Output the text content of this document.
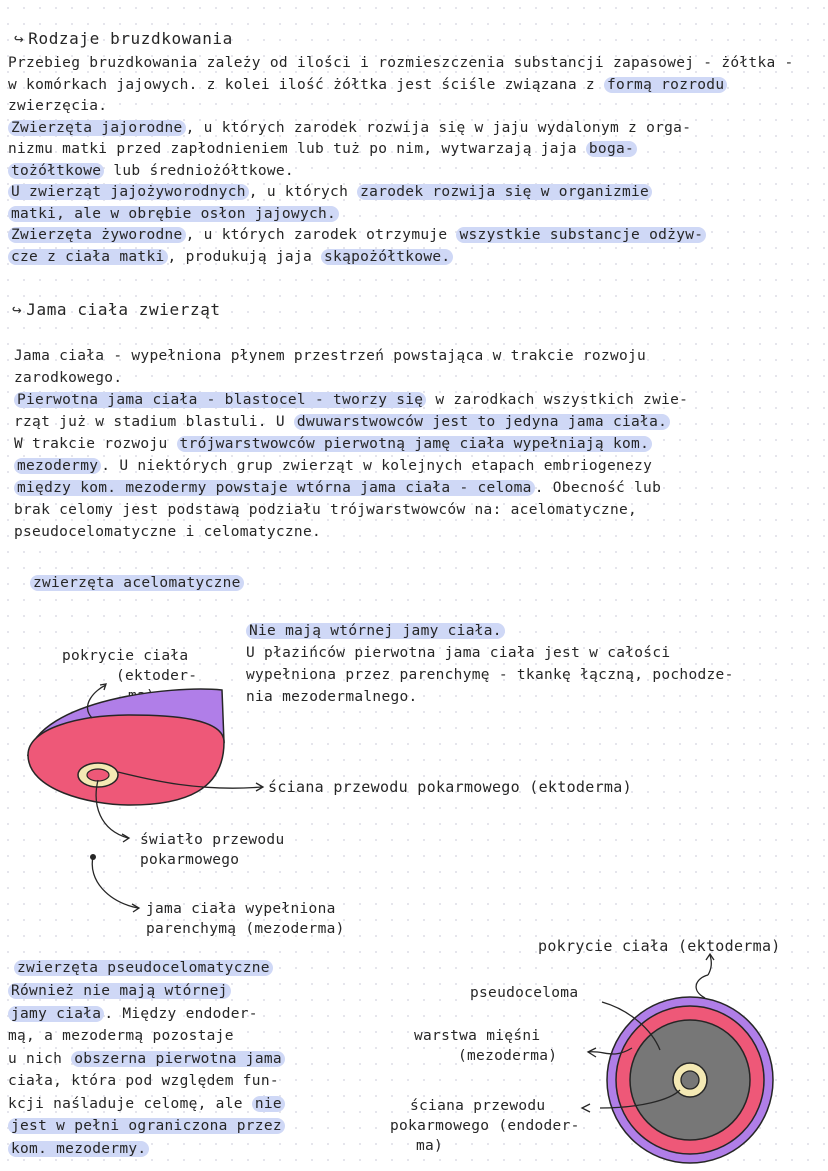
↪ Rodzaje bruzdkowania
Przebieg bruzdkowania zależy od ilości i rozmieszczenia substancji zapasowej - żółtka -
w komórkach jajowych. z kolei ilość żółtka jest ściśle związana z formą rozrodu
zwierzęcia.
Zwierzęta jajorodne , u których zarodek rozwija się w jaju wydalonym z orga-
nizmu matki przed zapłodnieniem lub tuż po nim, wytwarzają jaja boga-
tożółtkowe lub średniożółtkowe.
U zwierząt jajożyworodnych , u których zarodek rozwija się w organizmie
matki, ale w obrębie osłon jajowych.
Zwierzęta żyworodne , u których zarodek otrzymuje wszystkie substancje odżyw-
cze z ciała matki , produkują jaja skąpożółtkowe.
↪ Jama ciała zwierząt
Jama ciała - wypełniona płynem przestrzeń powstająca w trakcie rozwoju
zarodkowego.
Pierwotna jama ciała - blastocel - tworzy się w zarodkach wszystkich zwie-
rząt już w stadium blastuli. U dwuwarstwowców jest to jedyna jama ciała.
W trakcie rozwoju trójwarstwowców pierwotną jamę ciała wypełniają kom.
mezodermy . U niektórych grup zwierząt w kolejnych etapach embriogenezy
między kom. mezodermy powstaje wtórna jama ciała - celoma . Obecność lub
brak celomy jest podstawą podziału trójwarstwowców na: acelomatyczne,
pseudocelomatyczne i celomatyczne.
zwierzęta acelomatyczne
Nie mają wtórnej jamy ciała.
U płazińców pierwotna jama ciała jest w całości
wypełniona przez parenchymę - tkankę łączną, pochodze-
nia mezodermalnego.
pokrycie ciała
(ektoder-
ściana przewodu pokarmowego (ektoderma)
światło przewodu
pokarmowego
jama ciała wypełniona
parenchymą (mezoderma)
zwierzęta pseudocelomatyczne
Również nie mają wtórnej
jamy ciała . Między endoder-
mą, a mezodermą pozostaje
u nich obszerna pierwotna jama
ciała, która pod względem fun-
kcji naśladuje celomę, ale nie
jest w pełni ograniczona przez
kom. mezodermy.
pokrycie ciała (ektoderma)
pseudocelomа
warstwa mięśni
(mezoderma)
ściana przewodu
pokarmowego (endoder-
ma)
